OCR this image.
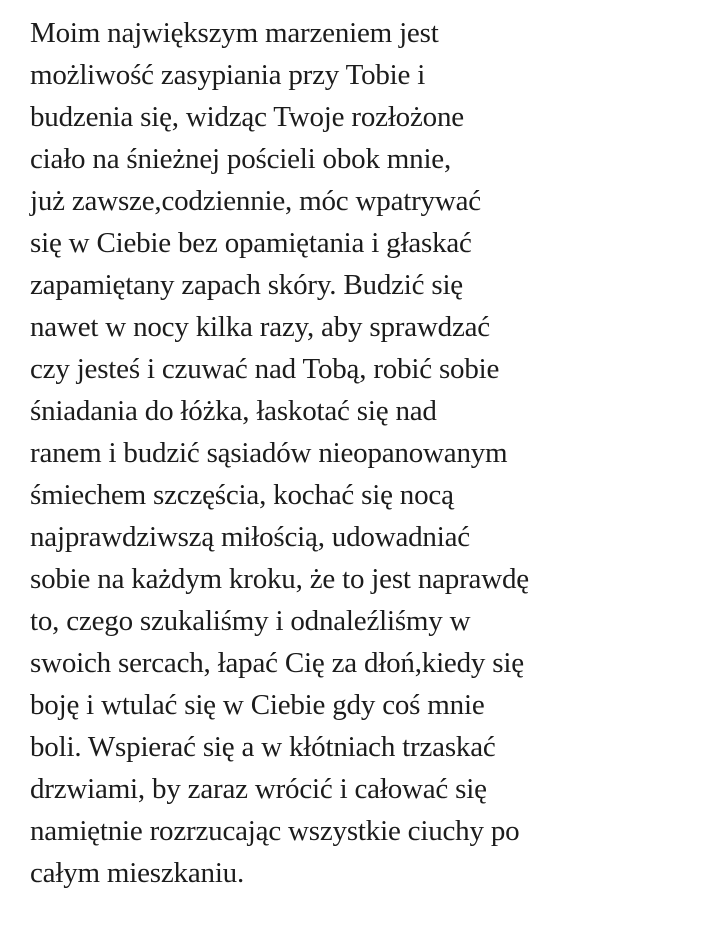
Moim największym marzeniem jest
możliwość zasypiania przy Tobie i
budzenia się, widząc Twoje rozłożone
ciało na śnieżnej pościeli obok mnie,
już zawsze,codziennie, móc wpatrywać
się w Ciebie bez opamiętania i głaskać
zapamiętany zapach skóry. Budzić się
nawet w nocy kilka razy, aby sprawdzać
czy jesteś i czuwać nad Tobą, robić sobie
śniadania do łóżka, łaskotać się nad
ranem i budzić sąsiadów nieopanowanym
śmiechem szczęścia, kochać się nocą
najprawdziwszą miłością, udowadniać
sobie na każdym kroku, że to jest naprawdę
to, czego szukaliśmy i odnaleźliśmy w
swoich sercach, łapać Cię za dłoń,kiedy się
boję i wtulać się w Ciebie gdy coś mnie
boli. Wspierać się a w kłótniach trzaskać
drzwiami, by zaraz wrócić i całować się
namiętnie rozrzucając wszystkie ciuchy po
całym mieszkaniu.
